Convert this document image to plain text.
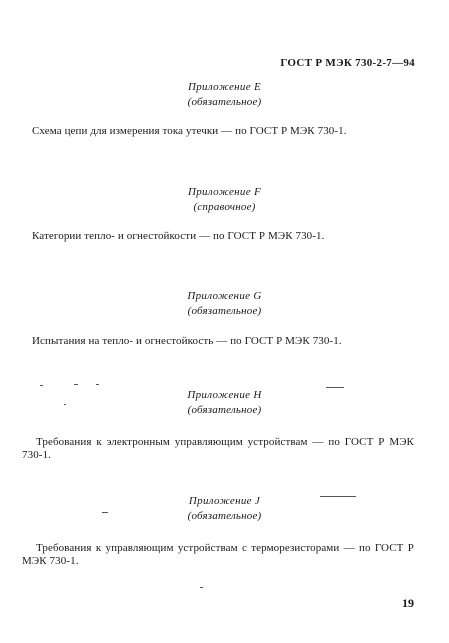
ГОСТ Р МЭК 730-2-7—94
Приложение Е
(обязательное)
Схема цепи для измерения тока утечки — по ГОСТ Р МЭК 730-1.
Приложение F
(справочное)
Категории тепло- и огнестойкости — по ГОСТ Р МЭК 730-1.
Приложение G
(обязательное)
Испытания на тепло- и огнестойкость — по ГОСТ Р МЭК 730-1.
Приложение Н
(обязательное)
Требования к электронным управляющим устройствам — по ГОСТ Р МЭК 730-1.
Приложение J
(обязательное)
Требования к управляющим устройствам с терморезисторами — по ГОСТ Р МЭК 730-1.
19
